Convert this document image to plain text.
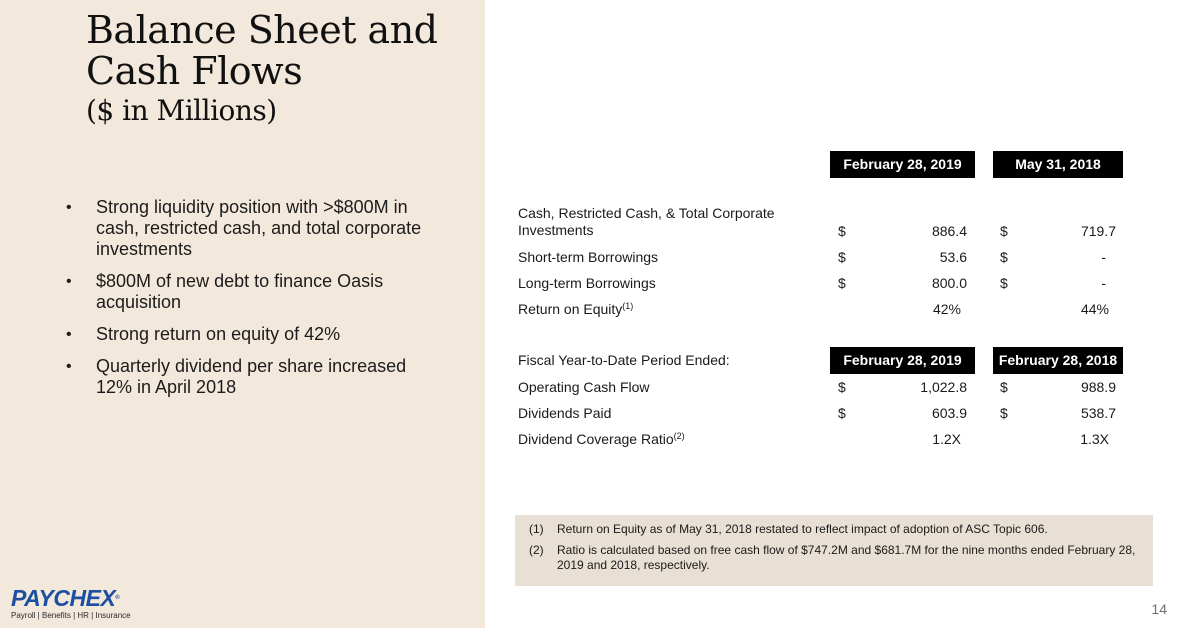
Balance Sheet and
Cash Flows
($ in Millions)
• Strong liquidity position with >$800M in cash, restricted cash, and total corporate investments
• $800M of new debt to finance Oasis acquisition
• Strong return on equity of 42%
• Quarterly dividend per share increased 12% in April 2018
PAYCHEX®
Payroll | Benefits | HR | Insurance
February 28, 2019	May 31, 2018
Cash, Restricted Cash, & Total Corporate
Investments	$	886.4 $	719.7
Short-term Borrowings	$	53.6 $	-
Long-term Borrowings	$	800.0 $	-
Return on Equity$^{(1)}$	42%	44%
Fiscal Year-to-Date Period Ended:	February 28, 2019	February 28, 2018
Operating Cash Flow	$	1,022.8 $	988.9
Dividends Paid	$	603.9 $	538.7
Dividend Coverage Ratio$^{(2)}$	1.2X	1.3X
(1) Return on Equity as of May 31, 2018 restated to reflect impact of adoption of ASC Topic 606.
(2) Ratio is calculated based on free cash flow of $747.2M and $681.7M for the nine months ended February 28, 2019 and 2018, respectively.
14
